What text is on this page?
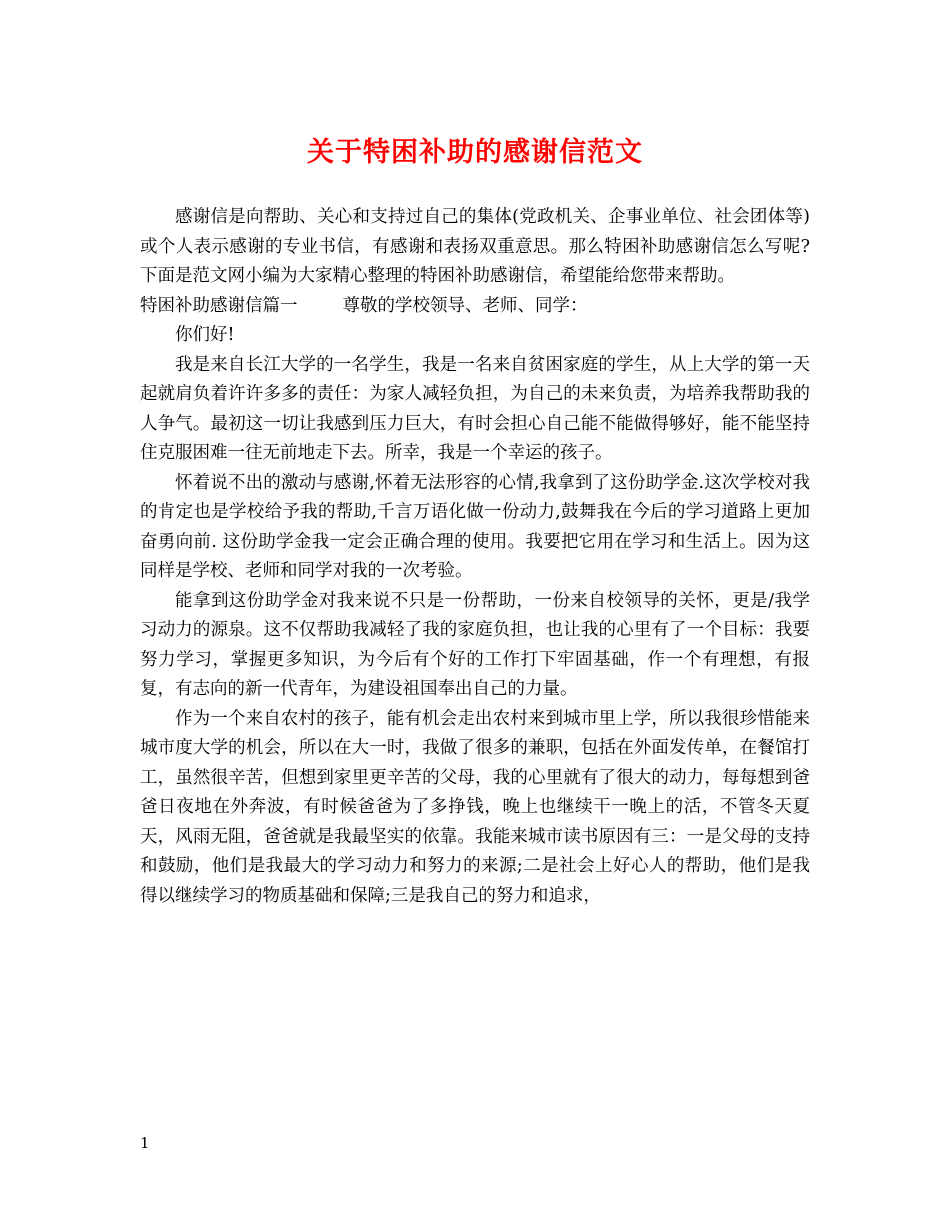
关于特困补助的感谢信范文

感谢信是向帮助、关心和支持过自己的集体(党政机关、企事业单位、社会团体等)或个人表示感谢的专业书信，有感谢和表扬双重意思。那么特困补助感谢信怎么写呢?下面是范文网小编为大家精心整理的特困补助感谢信，希望能给您带来帮助。

特困补助感谢信篇一	尊敬的学校领导、老师、同学：

你们好!

我是来自长江大学的一名学生，我是一名来自贫困家庭的学生，从上大学的第一天起就肩负着许许多多的责任：为家人减轻负担，为自己的未来负责，为培养我帮助我的人争气。最初这一切让我感到压力巨大，有时会担心自己能不能做得够好，能不能坚持住克服困难一往无前地走下去。所幸，我是一个幸运的孩子。

怀着说不出的激动与感谢,怀着无法形容的心情,我拿到了这份助学金.这次学校对我的肯定也是学校给予我的帮助,千言万语化做一份动力,鼓舞我在今后的学习道路上更加奋勇向前. 这份助学金我一定会正确合理的使用。我要把它用在学习和生活上。因为这同样是学校、老师和同学对我的一次考验。

能拿到这份助学金对我来说不只是一份帮助，一份来自校领导的关怀，更是/我学习动力的源泉。这不仅帮助我减轻了我的家庭负担，也让我的心里有了一个目标：我要努力学习，掌握更多知识，为今后有个好的工作打下牢固基础，作一个有理想，有报复，有志向的新一代青年，为建设祖国奉出自己的力量。

作为一个来自农村的孩子，能有机会走出农村来到城市里上学，所以我很珍惜能来城市度大学的机会，所以在大一时，我做了很多的兼职，包括在外面发传单，在餐馆打工，虽然很辛苦，但想到家里更辛苦的父母，我的心里就有了很大的动力，每每想到爸爸日夜地在外奔波，有时候爸爸为了多挣钱，晚上也继续干一晚上的活，不管冬天夏天，风雨无阻，爸爸就是我最坚实的依靠。我能来城市读书原因有三：一是父母的支持和鼓励，他们是我最大的学习动力和努力的来源;二是社会上好心人的帮助，他们是我得以继续学习的物质基础和保障;三是我自己的努力和追求，

1
